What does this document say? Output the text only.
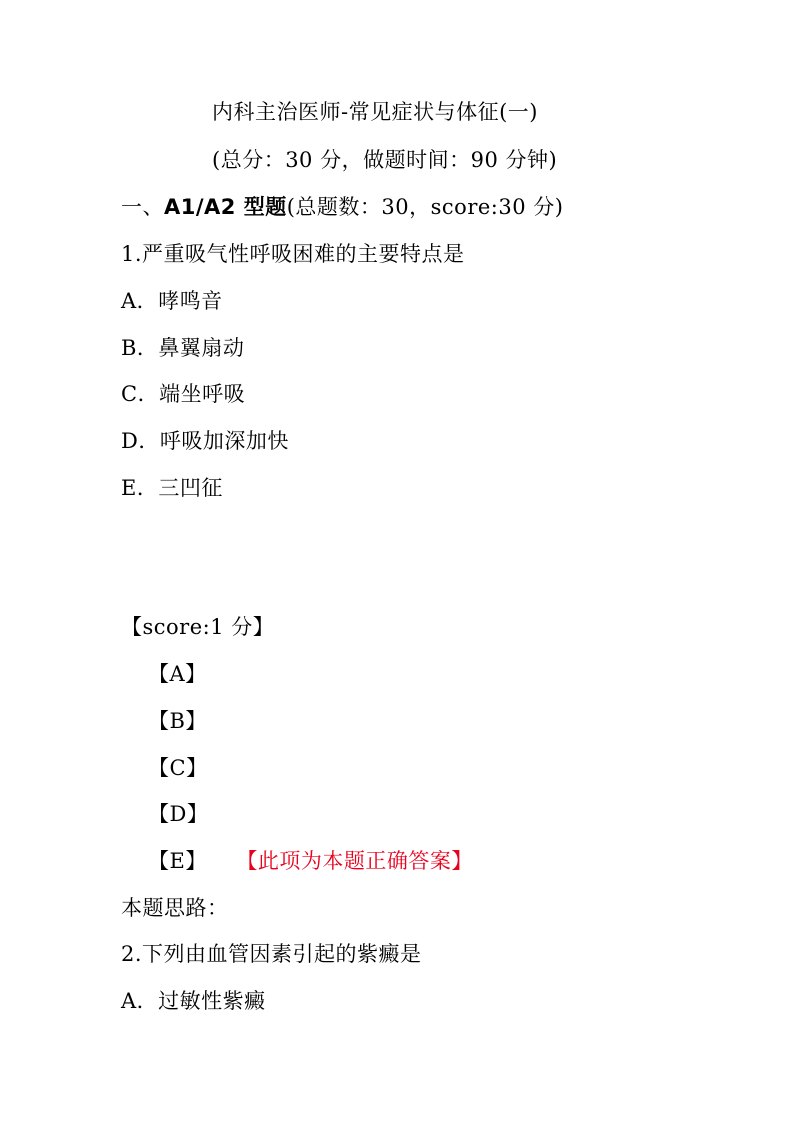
内科主治医师-常见症状与体征(一)
(总分：30 分，做题时间：90 分钟)
一、A1/A2 型题(总题数：30，score:30 分)
1.严重吸气性呼吸困难的主要特点是
A．哮鸣音
B．鼻翼扇动
C．端坐呼吸
D．呼吸加深加快
E．三凹征
【score:1 分】
【A】
【B】
【C】
【D】
【E】 【此项为本题正确答案】
本题思路：
2.下列由血管因素引起的紫癜是
A．过敏性紫癜
